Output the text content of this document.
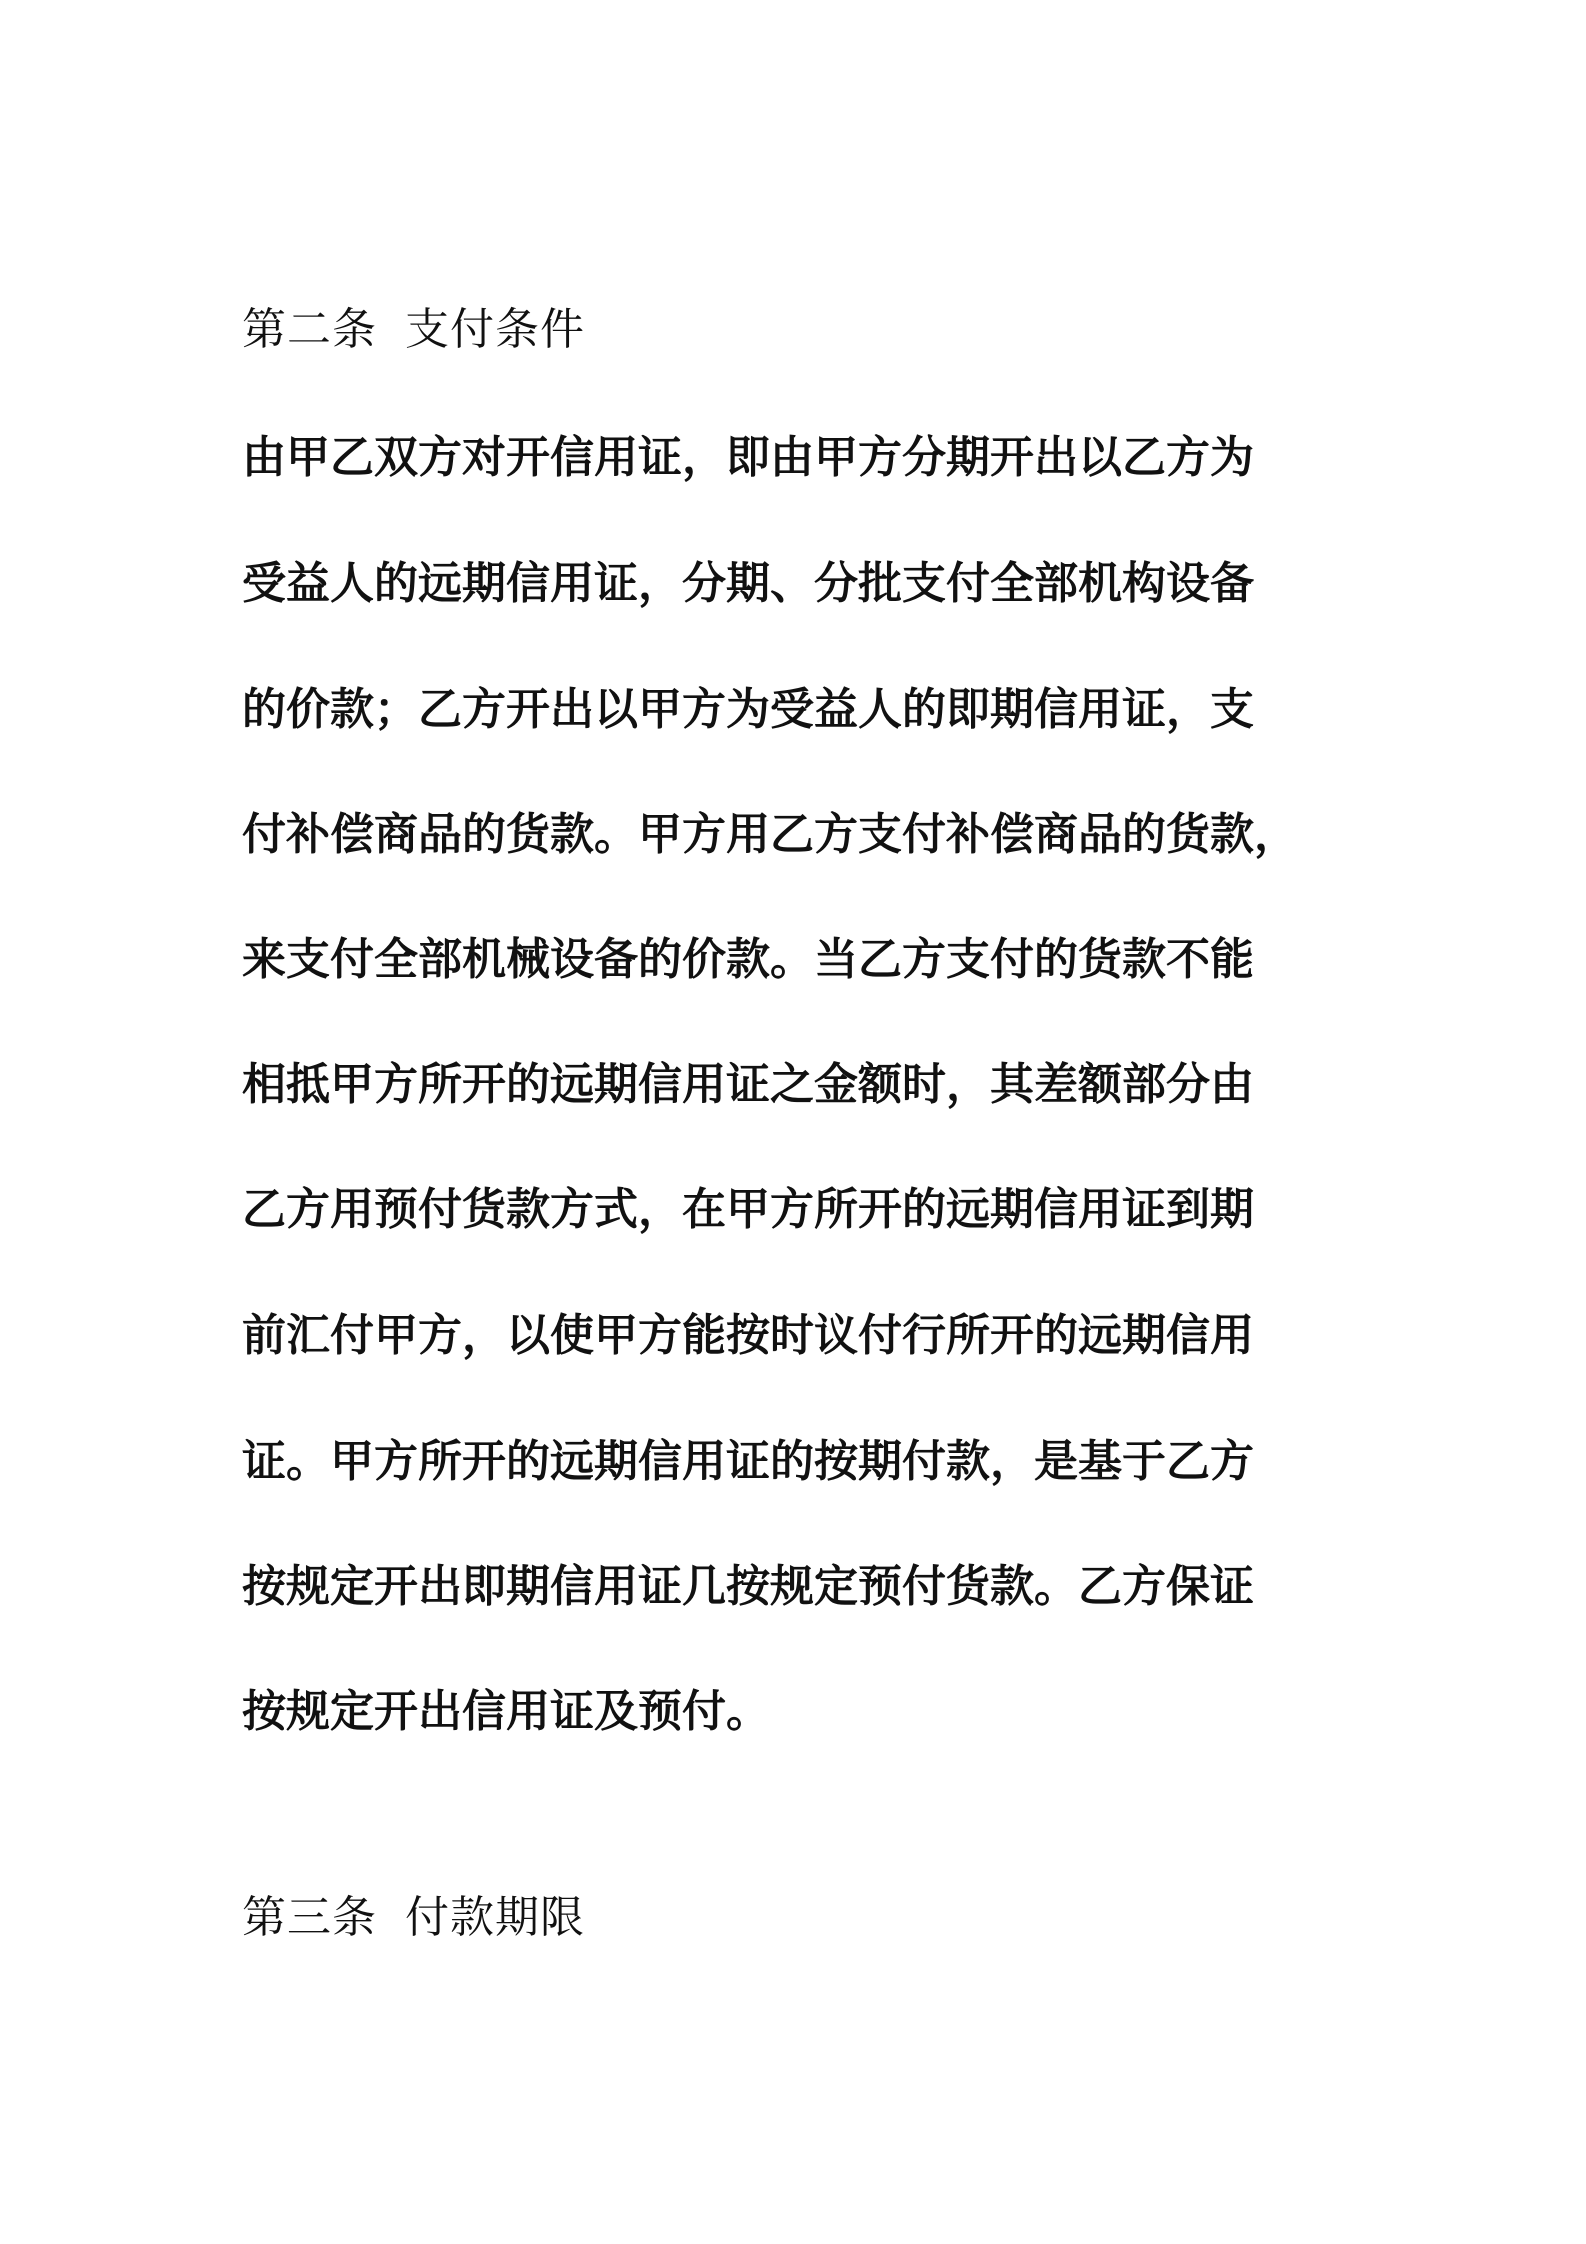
第二条 支付条件

由甲乙双方对开信用证，即由甲方分期开出以乙方为

受益人的远期信用证，分期、分批支付全部机构设备

的价款；乙方开出以甲方为受益人的即期信用证，支

付补偿商品的货款。甲方用乙方支付补偿商品的货款，

来支付全部机械设备的价款。当乙方支付的货款不能

相抵甲方所开的远期信用证之金额时，其差额部分由

乙方用预付货款方式，在甲方所开的远期信用证到期

前汇付甲方，以使甲方能按时议付行所开的远期信用

证。甲方所开的远期信用证的按期付款，是基于乙方

按规定开出即期信用证几按规定预付货款。乙方保证

按规定开出信用证及预付。

第三条 付款期限
